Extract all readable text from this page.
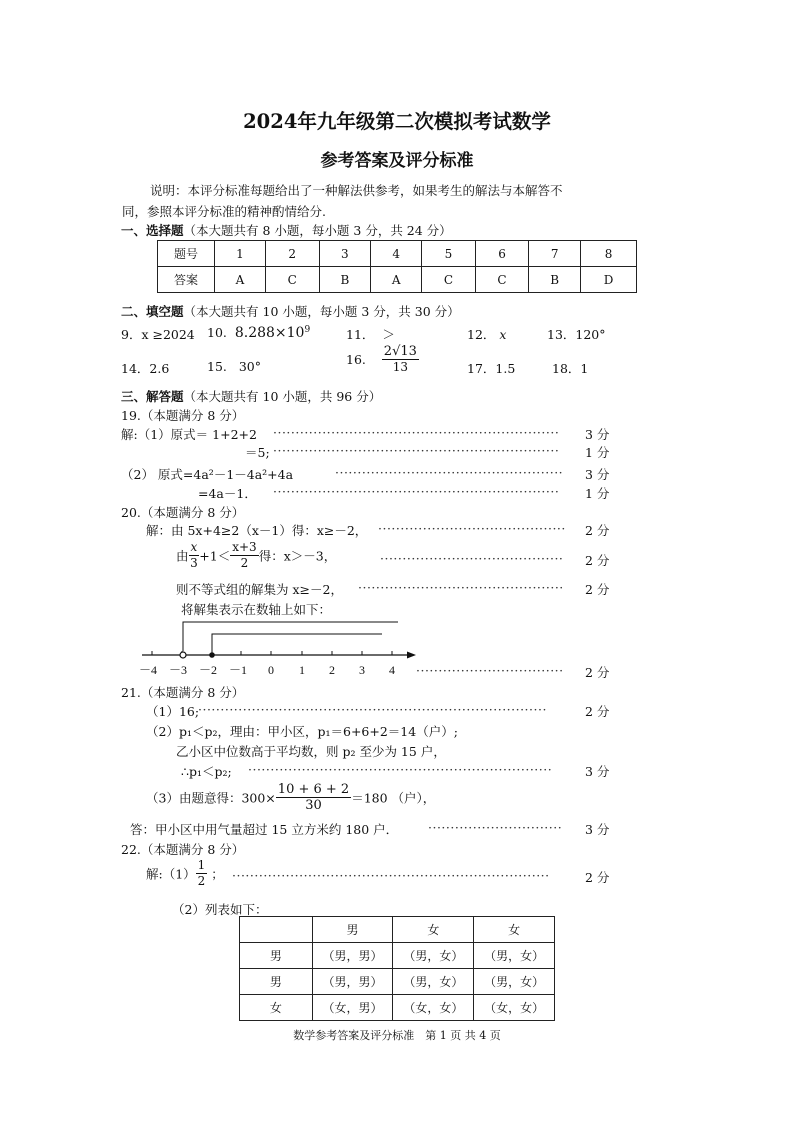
2024年九年级第二次模拟考试数学
参考答案及评分标准
说明：本评分标准每题给出了一种解法供参考，如果考生的解法与本解答不
同，参照本评分标准的精神酌情给分.
一、选择题（本大题共有 8 小题，每小题 3 分，共 24 分）
题号	1	2	3	4	5	6	7	8
答案	A	C	B	A	C	C	B	D
二、填空题（本大题共有 10 小题，每小题 3 分，共 30 分）
9．x ≥2024 10. $8.288\times 10^9$	11． ＞	12． x	13．120°
14．2.6	15. 30°	16. $\frac{2√13}{13}$	17．1.5	18．1
三、解答题（本大题共有 10 小题，共 96 分）
19.（本题满分 8 分）
解:（1）原式＝ 1+2+2 ································································	3 分
＝5; ································································	1 分
（2） 原式=4a²－1－4a²+4a	···················································	3 分
=4a－1． ································································	1 分
20.（本题满分 8 分）
解：由 5x+4≥2（x－1）得：x≥－2， ··········································	2 分
由 $\frac{x}{3} +1< \frac{x+3}{2}$ 得：x＞－3，	·········································	2 分
则不等式组的解集为 x≥－2， ··············································	2 分
将解集表示在数轴上如下：
－4 －3 －2 －1 0 1 2 3 4 ·································	2 分
21.（本题满分 8 分）
（1）16;
··············································································	2 分
（2）p₁＜p₂，理由：甲小区，p₁＝6+6+2＝14（户）;
乙小区中位数高于平均数，则 p₂ 至少为 15 户，
∴p₁＜p₂; ····································································	3 分
（3）由题意得：$300\times \frac{10 + 6 + 2}{30} =180$ （户），
答：甲小区中用气量超过 15 立方米约 180 户． ······························	3 分
22.（本题满分 8 分）
解:（1） $\frac{1}{2}$ ； ·······································································	2 分
（2）列表如下：
	男	女	女
男	（男，男）	（男，女）	（男，女）
男	（男，男）	（男，女）	（男，女）
女	（女，男）	（女，女）	（女，女）
数学参考答案及评分标准　第 1 页 共 4 页
